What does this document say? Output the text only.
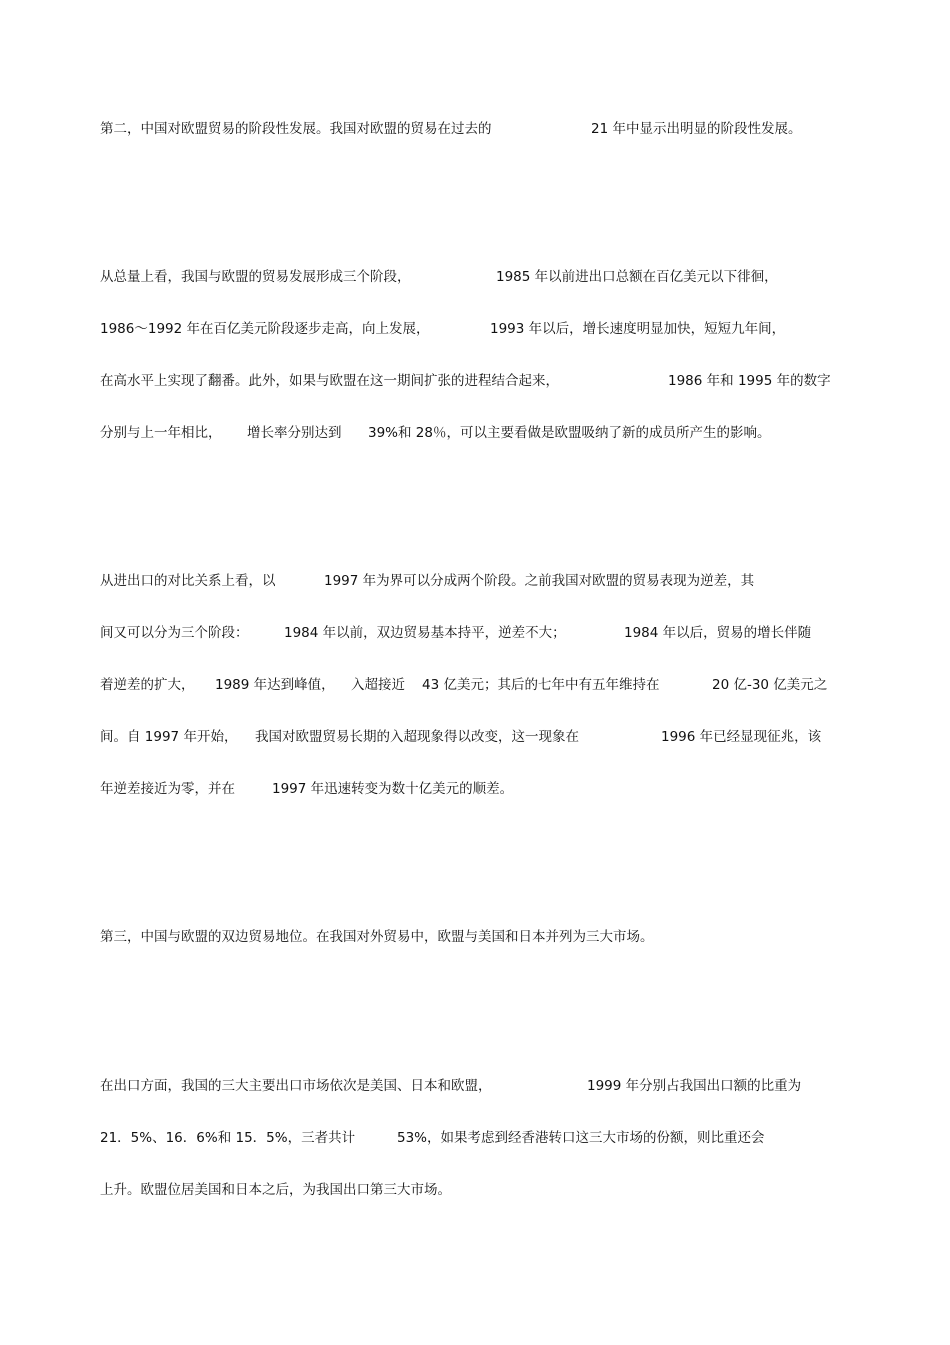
第二，中国对欧盟贸易的阶段性发展。我国对欧盟的贸易在过去的	21 年中显示出明显的阶段性发展。
从总量上看，我国与欧盟的贸易发展形成三个阶段，	1985 年以前进出口总额在百亿美元以下徘徊，
1986～1992 年在百亿美元阶段逐步走高，向上发展，	1993 年以后，增长速度明显加快，短短九年间，
在高水平上实现了翻番。此外，如果与欧盟在这一期间扩张的进程结合起来，	1986 年和 1995 年的数字
分别与上一年相比， 增长率分别达到 39%和 28％，可以主要看做是欧盟吸纳了新的成员所产生的影响。
从进出口的对比关系上看，以	1997 年为界可以分成两个阶段。之前我国对欧盟的贸易表现为逆差，其
间又可以分为三个阶段：	1984 年以前，双边贸易基本持平，逆差不大；	1984 年以后，贸易的增长伴随
着逆差的扩大， 1989 年达到峰值， 入超接近 43 亿美元；其后的七年中有五年维持在	20 亿-30 亿美元之
间。自 1997 年开始， 我国对欧盟贸易长期的入超现象得以改变，这一现象在	1996 年已经显现征兆，该
年逆差接近为零，并在	1997 年迅速转变为数十亿美元的顺差。
第三，中国与欧盟的双边贸易地位。在我国对外贸易中，欧盟与美国和日本并列为三大市场。
在出口方面，我国的三大主要出口市场依次是美国、日本和欧盟，	1999 年分别占我国出口额的比重为
21．5%、16．6%和 15．5%，三者共计	53%，如果考虑到经香港转口这三大市场的份额，则比重还会
上升。欧盟位居美国和日本之后，为我国出口第三大市场。
